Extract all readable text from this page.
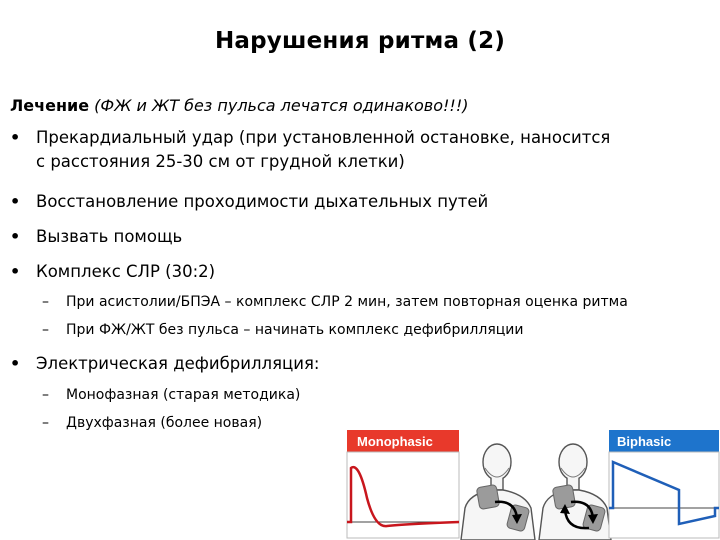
Нарушения ритма (2)
Лечение (ФЖ и ЖТ без пульса лечатся одинаково!!!)
• Прекардиальный удар (при установленной остановке, наносится
с расстояния 25-30 см от грудной клетки)
• Восстановление проходимости дыхательных путей
• Вызвать помощь
• Комплекс СЛР (30:2)
– При асистолии/БПЭА – комплекс СЛР 2 мин, затем повторная оценка ритма
– При ФЖ/ЖТ без пульса – начинать комплекс дефибрилляции
• Электрическая дефибрилляция:
– Монофазная (старая методика)
– Двухфазная (более новая)
Monophasic	Biphasic
